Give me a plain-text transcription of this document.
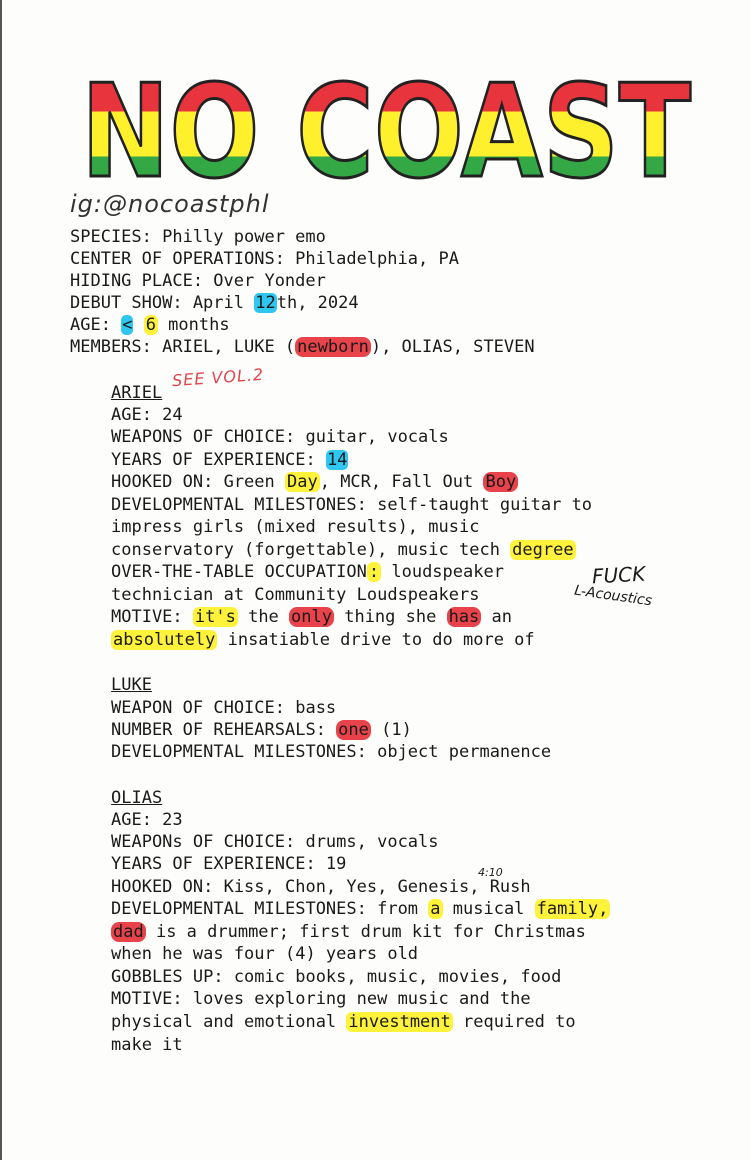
NO COAST
ig:@nocoastphl
SPECIES: Philly power emo
CENTER OF OPERATIONS: Philadelphia, PA
HIDING PLACE: Over Yonder
DEBUT SHOW: April 12th, 2024
AGE: < 6 months
MEMBERS: ARIEL, LUKE ( newborn ), OLIAS, STEVEN
SEE VOL.2
ARIEL
AGE: 24
WEAPONS OF CHOICE: guitar, vocals
YEARS OF EXPERIENCE: 14
HOOKED ON: Green Day , MCR, Fall Out Boy
DEVELOPMENTAL MILESTONES: self-taught guitar to
impress girls (mixed results), music
conservatory (forgettable), music tech degree
OVER-THE-TABLE OCCUPATION : loudspeaker
technician at Community Loudspeakers
MOTIVE: it's the only thing she has an
absolutely insatiable drive to do more of
FUCK
L-Acoustics
LUKE
WEAPON OF CHOICE: bass
NUMBER OF REHEARSALS: one (1)
DEVELOPMENTAL MILESTONES: object permanence
OLIAS
AGE: 23
WEAPONs OF CHOICE: drums, vocals
YEARS OF EXPERIENCE: 19	4:10
HOOKED ON: Kiss, Chon, Yes, Genesis, Rush
DEVELOPMENTAL MILESTONES: from a musical family,
dad is a drummer; first drum kit for Christmas
when he was four (4) years old
GOBBLES UP: comic books, music, movies, food
MOTIVE: loves exploring new music and the
physical and emotional investment required to
make it
